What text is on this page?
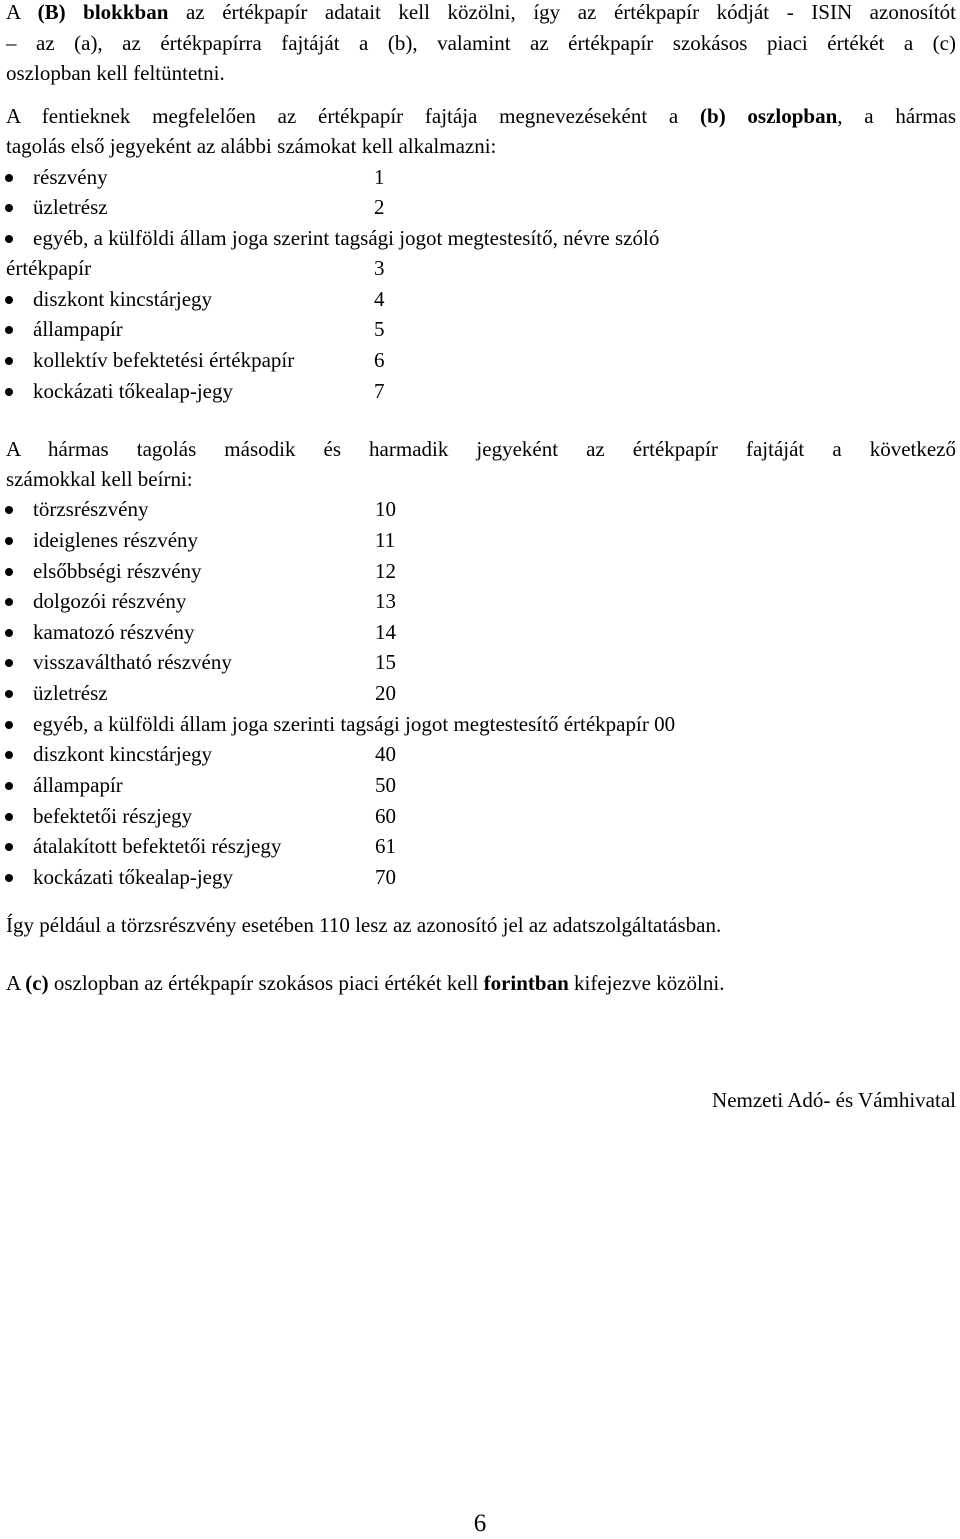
A (B) blokkban az értékpapír adatait kell közölni, így az értékpapír kódját - ISIN azonosítót

– az (a), az értékpapírra fajtáját a (b), valamint az értékpapír szokásos piaci értékét a (c)

oszlopban kell feltüntetni.

A fentieknek megfelelően az értékpapír fajtája megnevezéseként a (b) oszlopban, a hármas

tagolás első jegyeként az alábbi számokat kell alkalmazni:
részvény	1
üzletrész	2
egyéb, a külföldi állam joga szerint tagsági jogot megtestesítő, névre szóló
értékpapír	3
diszkont kincstárjegy	4
állampapír	5
kollektív befektetési értékpapír	6
kockázati tőkealap-jegy	7

A hármas tagolás második és harmadik jegyeként az értékpapír fajtáját a következő

számokkal kell beírni:
törzsrészvény	10
ideiglenes részvény	11
elsőbbségi részvény	12
dolgozói részvény	13
kamatozó részvény	14
visszaváltható részvény	15
üzletrész	20
egyéb, a külföldi állam joga szerinti tagsági jogot megtestesítő értékpapír 00
diszkont kincstárjegy	40
állampapír	50
befektetői részjegy	60
átalakított befektetői részjegy	61
kockázati tőkealap-jegy	70
Így például a törzsrészvény esetében 110 lesz az azonosító jel az adatszolgáltatásban.
A (c) oszlopban az értékpapír szokásos piaci értékét kell forintban kifejezve közölni.
Nemzeti Adó- és Vámhivatal
6
